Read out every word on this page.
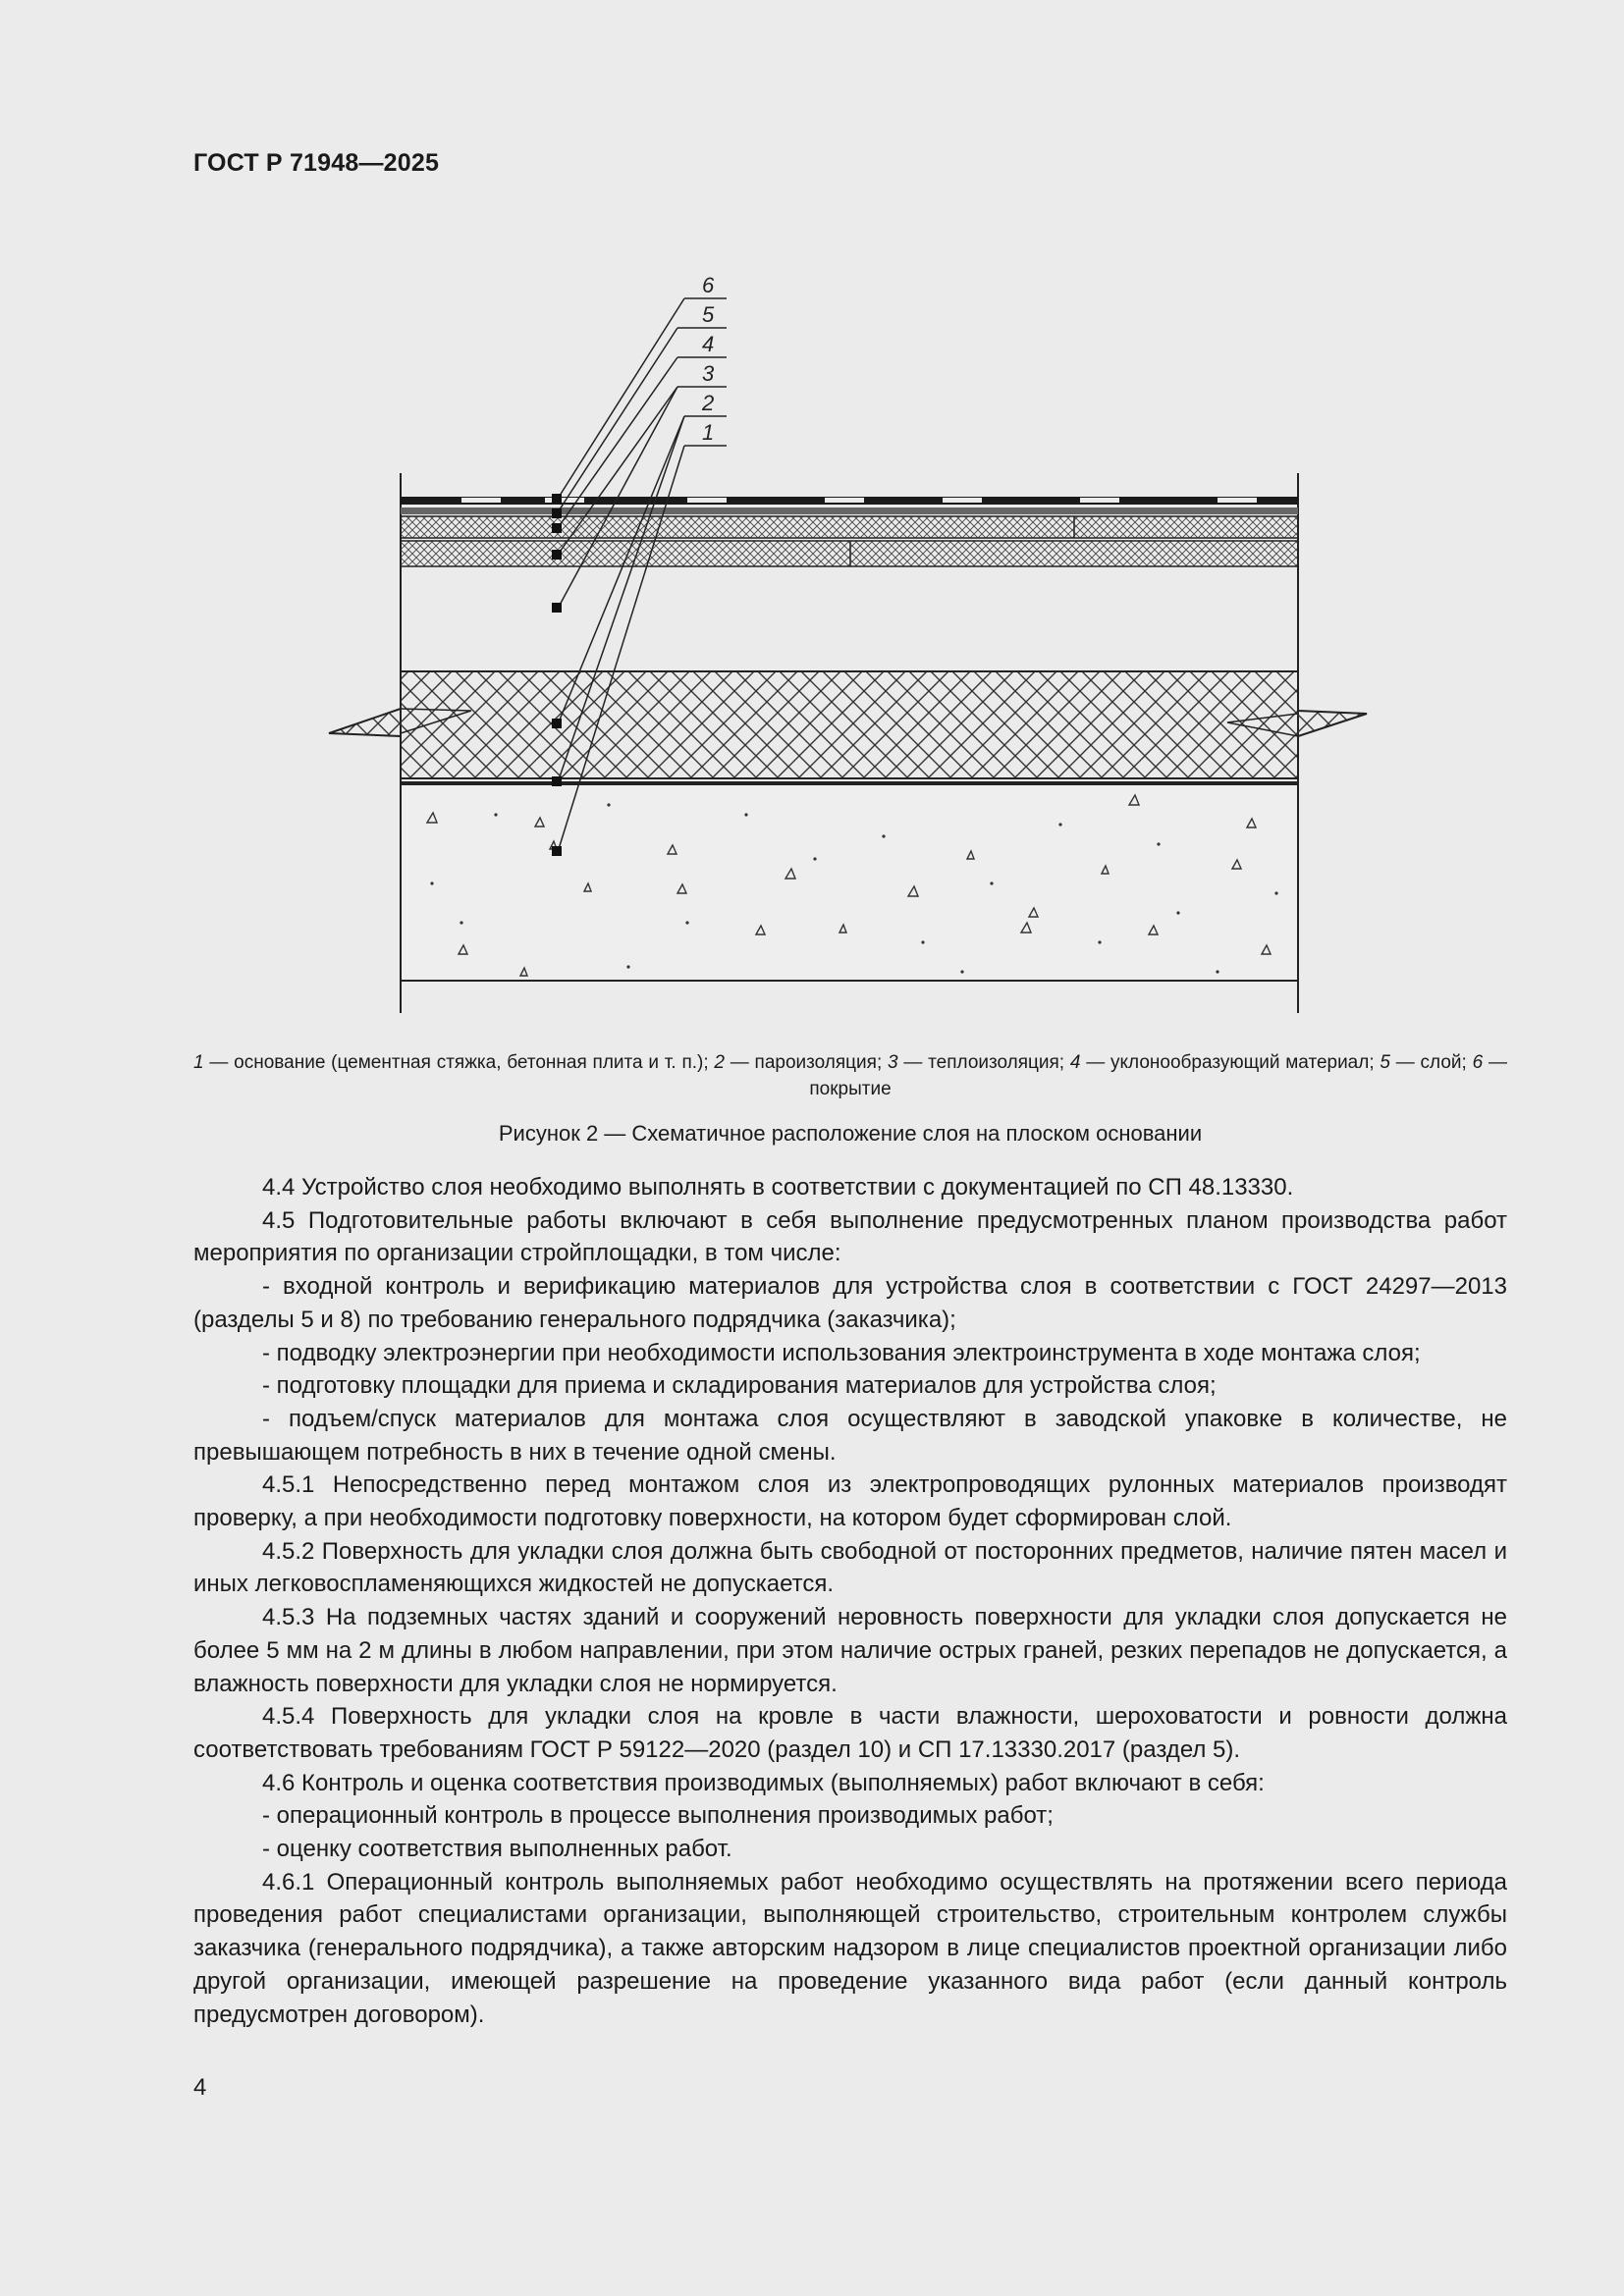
ГОСТ Р 71948—2025
6
5
4
3
2
1
1 — основание (цементная стяжка, бетонная плита и т. п.); 2 — пароизоляция; 3 — теплоизоляция; 4 — уклонообразующий материал; 5 — слой; 6 — покрытие
Рисунок 2 — Схематичное расположение слоя на плоском основании

4.4 Устройство слоя необходимо выполнять в соответствии с документацией по СП 48.13330.

4.5 Подготовительные работы включают в себя выполнение предусмотренных планом производства работ мероприятия по организации стройплощадки, в том числе:

- входной контроль и верификацию материалов для устройства слоя в соответствии с ГОСТ 24297—2013 (разделы 5 и 8) по требованию генерального подрядчика (заказчика);

- подводку электроэнергии при необходимости использования электроинструмента в ходе монтажа слоя;

- подготовку площадки для приема и складирования материалов для устройства слоя;

- подъем/спуск материалов для монтажа слоя осуществляют в заводской упаковке в количестве, не превышающем потребность в них в течение одной смены.

4.5.1 Непосредственно перед монтажом слоя из электропроводящих рулонных материалов производят проверку, а при необходимости подготовку поверхности, на котором будет сформирован слой.

4.5.2 Поверхность для укладки слоя должна быть свободной от посторонних предметов, наличие пятен масел и иных легковоспламеняющихся жидкостей не допускается.

4.5.3 На подземных частях зданий и сооружений неровность поверхности для укладки слоя допускается не более 5 мм на 2 м длины в любом направлении, при этом наличие острых граней, резких перепадов не допускается, а влажность поверхности для укладки слоя не нормируется.

4.5.4 Поверхность для укладки слоя на кровле в части влажности, шероховатости и ровности должна соответствовать требованиям ГОСТ Р 59122—2020 (раздел 10) и СП 17.13330.2017 (раздел 5).

4.6 Контроль и оценка соответствия производимых (выполняемых) работ включают в себя:

- операционный контроль в процессе выполнения производимых работ;

- оценку соответствия выполненных работ.

4.6.1 Операционный контроль выполняемых работ необходимо осуществлять на протяжении всего периода проведения работ специалистами организации, выполняющей строительство, строительным контролем службы заказчика (генерального подрядчика), а также авторским надзором в лице специалистов проектной организации либо другой организации, имеющей разрешение на проведение указанного вида работ (если данный контроль предусмотрен договором).

4
